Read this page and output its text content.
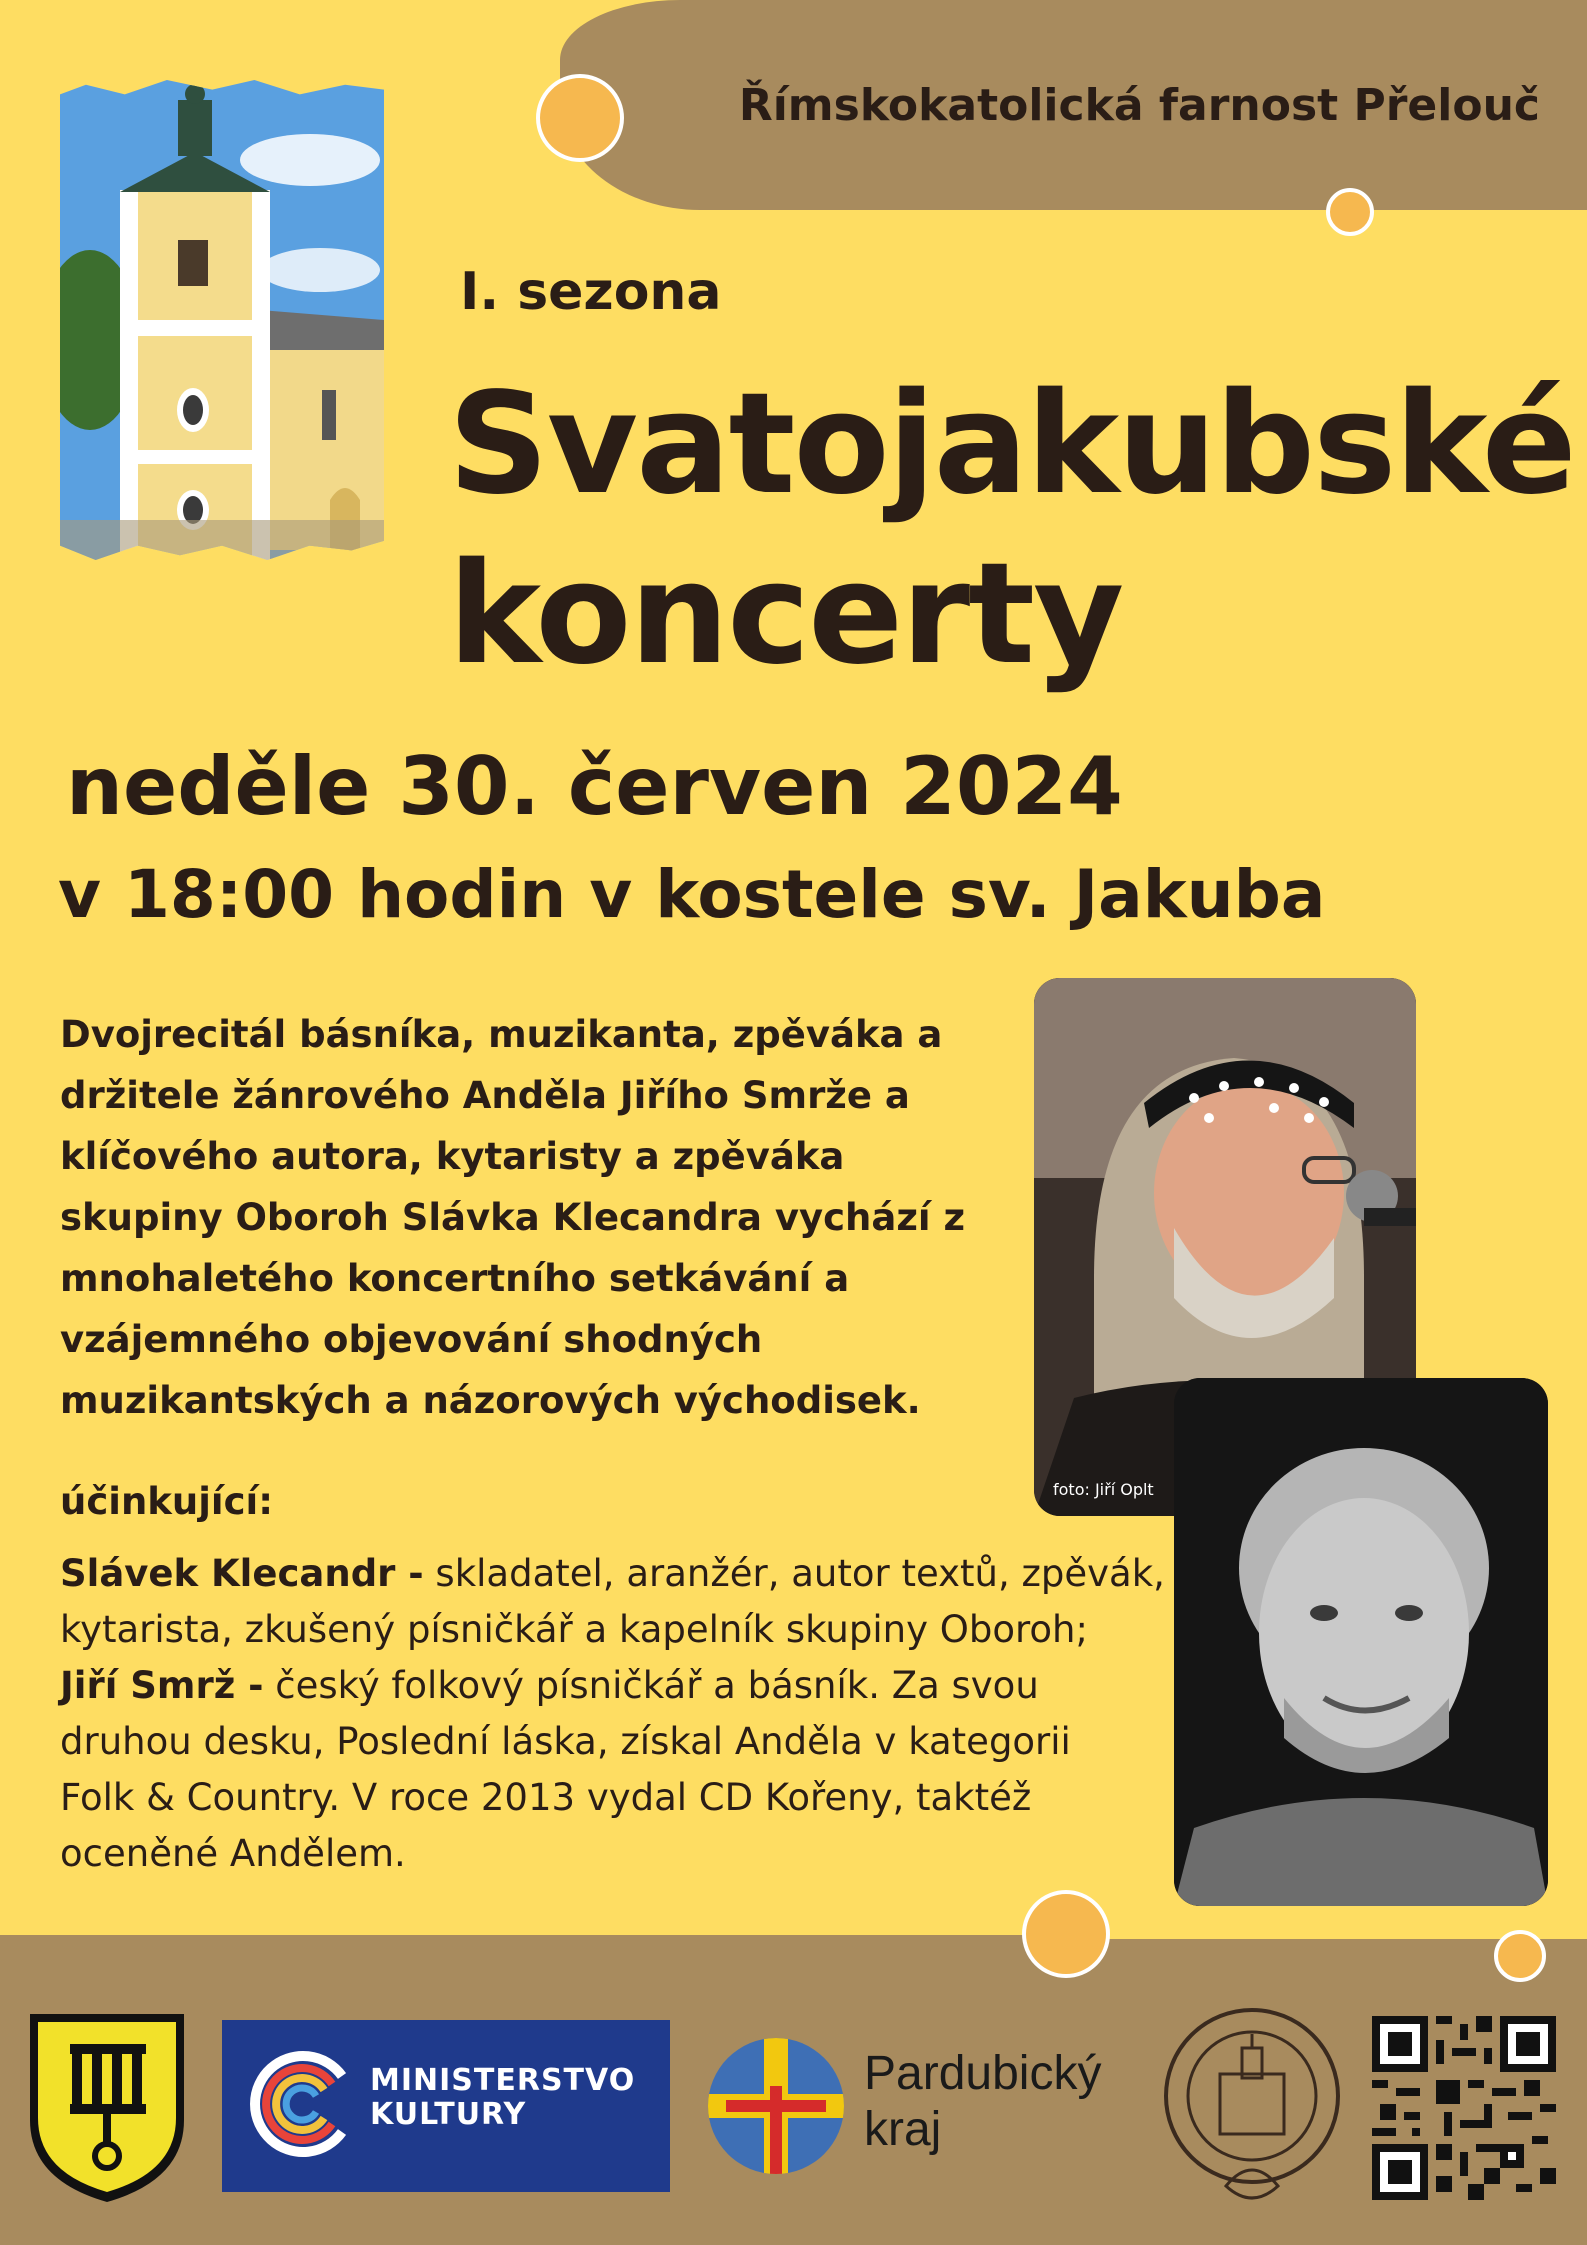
Římskokatolická farnost Přelouč
I. sezona
Svatojakubské
koncerty
neděle 30. červen 2024
v 18:00 hodin v kostele sv. Jakuba
Dvojrecitál básníka, muzikanta, zpěváka a
držitele žánrového Anděla Jiřího Smrže a
klíčového autora, kytaristy a zpěváka
skupiny Oboroh Slávka Klecandra vychází z
mnohaletého koncertního setkávání a
vzájemného objevování shodných
muzikantských a názorových východisek.
foto: Jiří Oplt
účinkující:
Slávek Klecandr - skladatel, aranžér, autor textů, zpěvák,
kytarista, zkušený písničkář a kapelník skupiny Oboroh;
Jiří Smrž - český folkový písničkář a básník. Za svou
druhou desku, Poslední láska, získal Anděla v kategorii
Folk & Country. V roce 2013 vydal CD Kořeny, taktéž
oceněné Andělem.
MINISTERSTVO
KULTURY
Pardubický
kraj
